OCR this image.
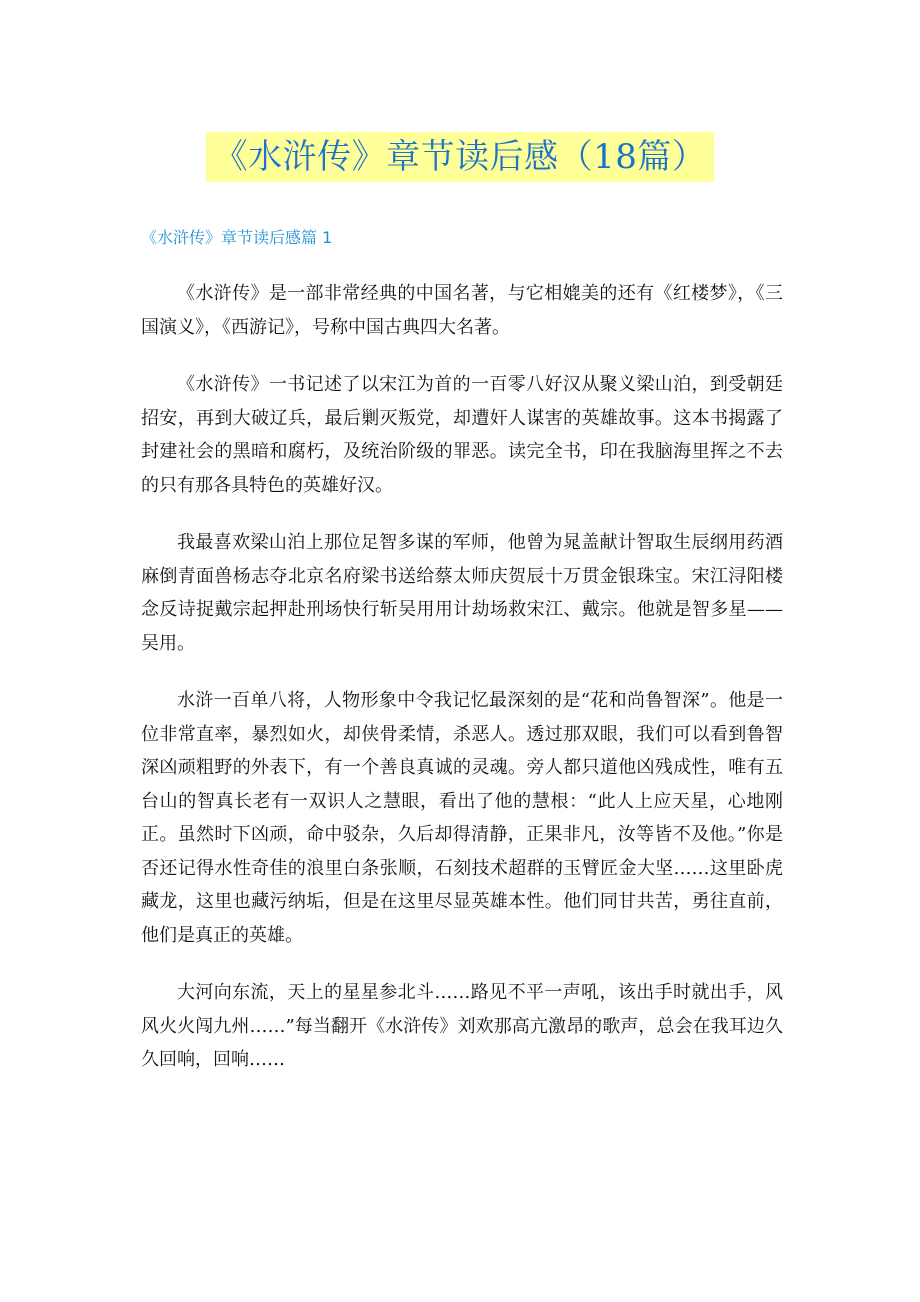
《水浒传》章节读后感（18篇）
《水浒传》章节读后感篇 1

《水浒传》是一部非常经典的中国名著，与它相媲美的还有《红楼梦》，《三国演义》，《西游记》，号称中国古典四大名著。

《水浒传》一书记述了以宋江为首的一百零八好汉从聚义梁山泊，到受朝廷招安，再到大破辽兵，最后剿灭叛党，却遭奸人谋害的英雄故事。这本书揭露了封建社会的黑暗和腐朽，及统治阶级的罪恶。读完全书，印在我脑海里挥之不去的只有那各具特色的英雄好汉。

我最喜欢梁山泊上那位足智多谋的军师，他曾为晁盖献计智取生辰纲用药酒麻倒青面兽杨志夺北京名府梁书送给蔡太师庆贺辰十万贯金银珠宝。宋江浔阳楼念反诗捉戴宗起押赴刑场快行斩吴用用计劫场救宋江、戴宗。他就是智多星——吴用。

水浒一百单八将，人物形象中令我记忆最深刻的是“花和尚鲁智深”。他是一位非常直率，暴烈如火，却侠骨柔情，杀恶人。透过那双眼，我们可以看到鲁智深凶顽粗野的外表下，有一个善良真诚的灵魂。旁人都只道他凶残成性，唯有五台山的智真长老有一双识人之慧眼，看出了他的慧根：“此人上应天星，心地刚正。虽然时下凶顽，命中驳杂，久后却得清静，正果非凡，汝等皆不及他。”你是否还记得水性奇佳的浪里白条张顺，石刻技术超群的玉臂匠金大坚……这里卧虎藏龙，这里也藏污纳垢，但是在这里尽显英雄本性。他们同甘共苦，勇往直前，他们是真正的英雄。

大河向东流，天上的星星参北斗……路见不平一声吼，该出手时就出手，风风火火闯九州……”每当翻开《水浒传》刘欢那高亢激昂的歌声，总会在我耳边久久回响，回响……
